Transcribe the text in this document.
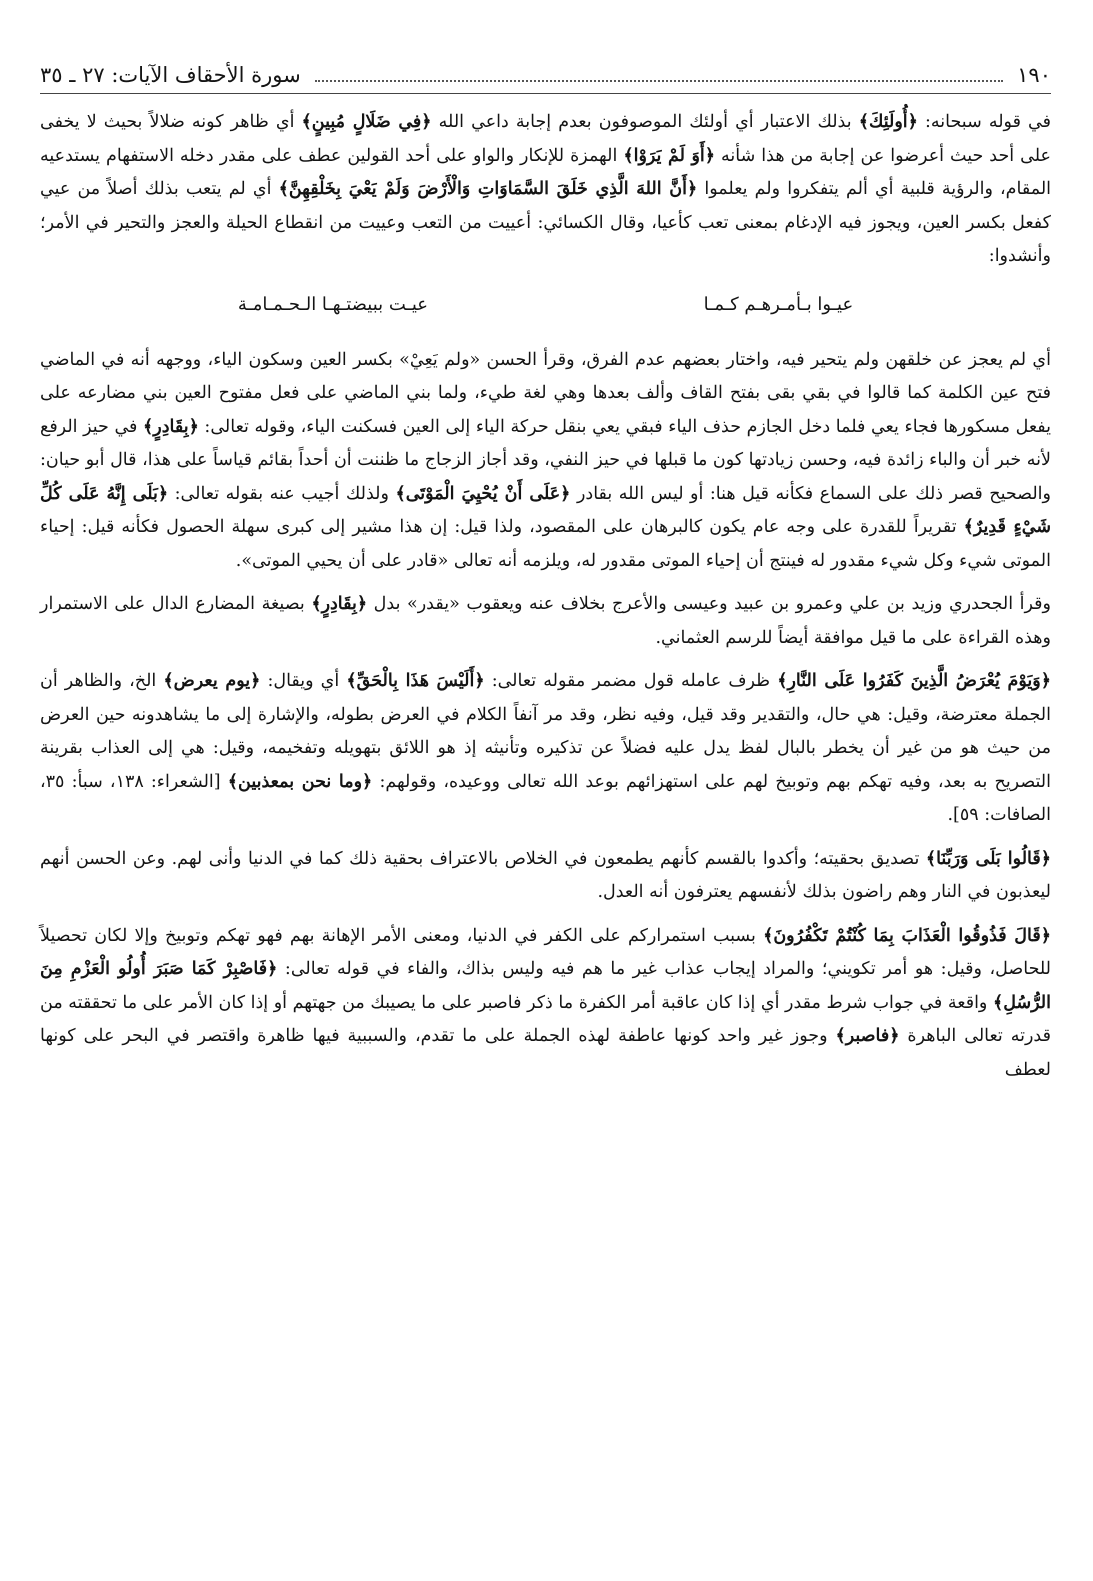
١٩٠
سورة الأحقاف الآيات: ٢٧ ـ ٣٥

في قوله سبحانه: ﴿أُولَئِكَ﴾ بذلك الاعتبار أي أولئك الموصوفون بعدم إجابة داعي الله ﴿فِي ضَلَالٍ مُبِينٍ﴾ أي ظاهر كونه ضلالاً بحيث لا يخفى على أحد حيث أعرضوا عن إجابة من هذا شأنه ﴿أَوَ لَمْ يَرَوْا﴾ الهمزة للإنكار والواو على أحد القولين عطف على مقدر دخله الاستفهام يستدعيه المقام، والرؤية قلبية أي ألم يتفكروا ولم يعلموا ﴿أَنَّ اللهَ الَّذِي خَلَقَ السَّمَاوَاتِ وَالْأَرْضَ وَلَمْ يَعْيَ بِخَلْقِهِنَّ﴾ أي لم يتعب بذلك أصلاً من عيي كفعل بكسر العين، ويجوز فيه الإدغام بمعنى تعب كأعيا، وقال الكسائي: أعييت من التعب وعييت من انقطاع الحيلة والعجز والتحير في الأمر؛ وأنشدوا:

عيـوا بـأمـرهـم كـمـا
عيـت ببيضتـهـا الـحـمـامـة

أي لم يعجز عن خلقهن ولم يتحير فيه، واختار بعضهم عدم الفرق، وقرأ الحسن «ولم يَعِيْ» بكسر العين وسكون الياء، ووجهه أنه في الماضي فتح عين الكلمة كما قالوا في بقي بقى بفتح القاف وألف بعدها وهي لغة طيء، ولما بني الماضي على فعل مفتوح العين بني مضارعه على يفعل مسكورها فجاء يعي فلما دخل الجازم حذف الياء فبقي يعي بنقل حركة الياء إلى العين فسكنت الياء، وقوله تعالى: ﴿بِقَادِرٍ﴾ في حيز الرفع لأنه خبر أن والباء زائدة فيه، وحسن زيادتها كون ما قبلها في حيز النفي، وقد أجاز الزجاج ما ظننت أن أحداً بقائم قياساً على هذا، قال أبو حيان: والصحيح قصر ذلك على السماع فكأنه قيل هنا: أو ليس الله بقادر ﴿عَلَى أَنْ يُحْيِيَ الْمَوْتَى﴾ ولذلك أجيب عنه بقوله تعالى: ﴿بَلَى إِنَّهُ عَلَى كُلِّ شَيْءٍ قَدِيرٌ﴾ تقريراً للقدرة على وجه عام يكون كالبرهان على المقصود، ولذا قيل: إن هذا مشير إلى كبرى سهلة الحصول فكأنه قيل: إحياء الموتى شيء وكل شيء مقدور له فينتج أن إحياء الموتى مقدور له، ويلزمه أنه تعالى «قادر على أن يحيي الموتى».

وقرأ الجحدري وزيد بن علي وعمرو بن عبيد وعيسى والأعرج بخلاف عنه ويعقوب «يقدر» بدل ﴿بِقَادِرٍ﴾ بصيغة المضارع الدال على الاستمرار وهذه القراءة على ما قيل موافقة أيضاً للرسم العثماني.

﴿وَيَوْمَ يُعْرَضُ الَّذِينَ كَفَرُوا عَلَى النَّارِ﴾ ظرف عامله قول مضمر مقوله تعالى: ﴿أَلَيْسَ هَذَا بِالْحَقِّ﴾ أي ويقال: ﴿يوم يعرض﴾ الخ، والظاهر أن الجملة معترضة، وقيل: هي حال، والتقدير وقد قيل، وفيه نظر، وقد مر آنفاً الكلام في العرض بطوله، والإشارة إلى ما يشاهدونه حين العرض من حيث هو من غير أن يخطر بالبال لفظ يدل عليه فضلاً عن تذكيره وتأنيثه إذ هو اللائق بتهويله وتفخيمه، وقيل: هي إلى العذاب بقرينة التصريح به بعد، وفيه تهكم بهم وتوبيخ لهم على استهزائهم بوعد الله تعالى ووعيده، وقولهم: ﴿وما نحن بمعذبين﴾ [الشعراء: ١٣٨، سبأ: ٣٥، الصافات: ٥٩].

﴿قَالُوا بَلَى وَرَبِّنَا﴾ تصديق بحقيته؛ وأكدوا بالقسم كأنهم يطمعون في الخلاص بالاعتراف بحقية ذلك كما في الدنيا وأنى لهم. وعن الحسن أنهم ليعذبون في النار وهم راضون بذلك لأنفسهم يعترفون أنه العدل.

﴿قَالَ فَذُوقُوا الْعَذَابَ بِمَا كُنْتُمْ تَكْفُرُونَ﴾ بسبب استمراركم على الكفر في الدنيا، ومعنى الأمر الإهانة بهم فهو تهكم وتوبيخ وإلا لكان تحصيلاً للحاصل، وقيل: هو أمر تكويني؛ والمراد إيجاب عذاب غير ما هم فيه وليس بذاك، والفاء في قوله تعالى: ﴿فَاصْبِرْ كَمَا صَبَرَ أُولُو الْعَزْمِ مِنَ الرُّسُلِ﴾ واقعة في جواب شرط مقدر أي إذا كان عاقبة أمر الكفرة ما ذكر فاصبر على ما يصيبك من جهتهم أو إذا كان الأمر على ما تحققته من قدرته تعالى الباهرة ﴿فاصبر﴾ وجوز غير واحد كونها عاطفة لهذه الجملة على ما تقدم، والسببية فيها ظاهرة واقتصر في البحر على كونها لعطف
